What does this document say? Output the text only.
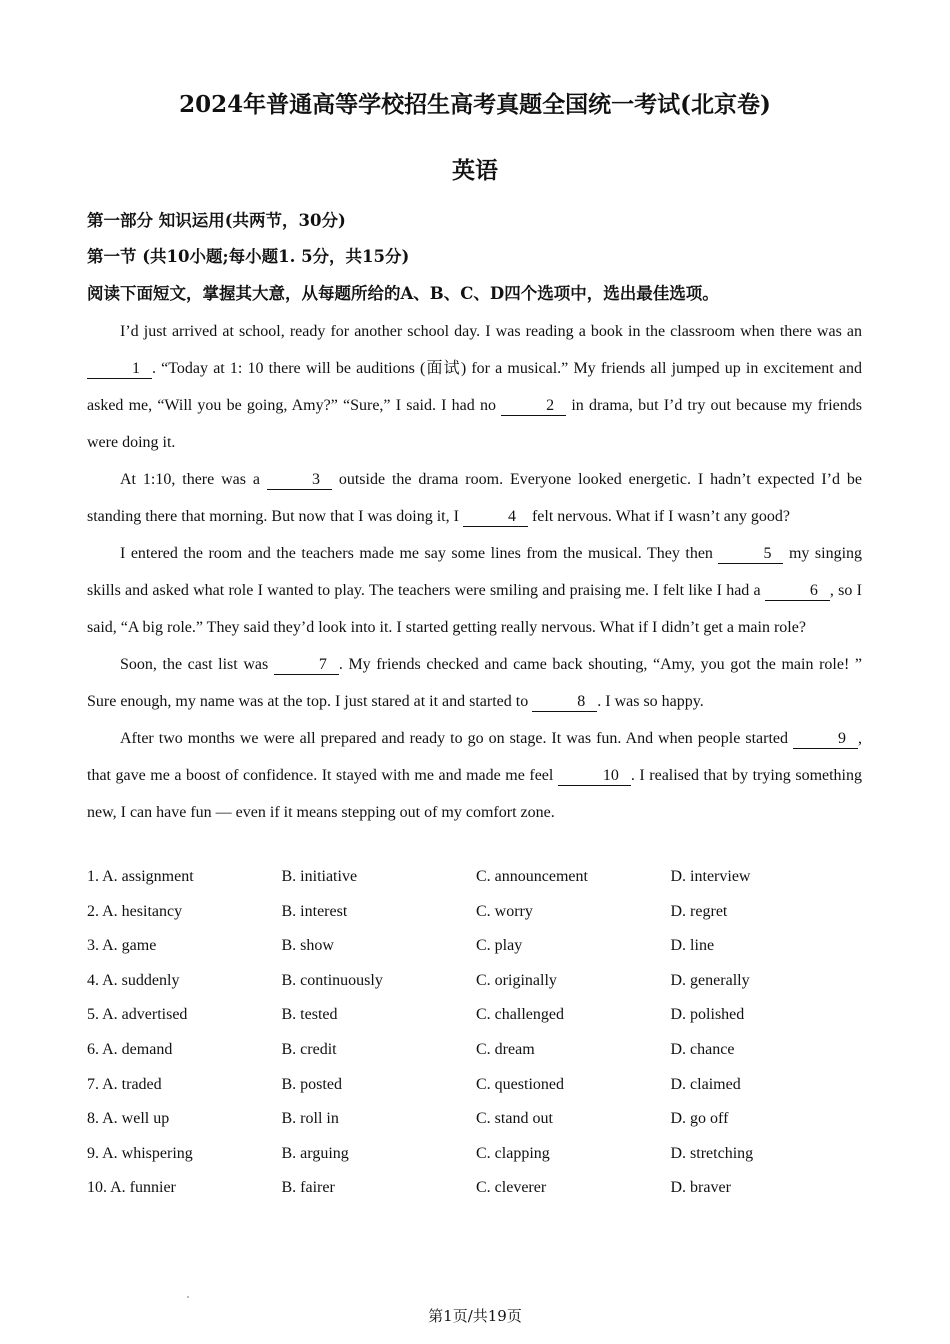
2024年普通高等学校招生高考真题全国统一考试(北京卷)
英语
第一部分 知识运用(共两节，30分)
第一节 (共10小题;每小题1. 5分，共15分)
阅读下面短文，掌握其大意，从每题所给的A、B、C、D四个选项中，选出最佳选项。

I’d just arrived at school, ready for another school day. I was reading a book in the classroom when there was an 1 . “Today at 1: 10 there will be auditions (面试) for a musical.” My friends all jumped up in excitement and asked me, “Will you be going, Amy?” “Sure,” I said. I had no	2 in drama, but I’d try out because my friends were doing it.

At 1:10, there was a	3 outside the drama room. Everyone looked energetic. I hadn’t expected I’d be standing there that morning. But now that I was doing it, I	4 felt nervous. What if I wasn’t any good?

I entered the room and the teachers made me say some lines from the musical. They then	5 my singing skills and asked what role I wanted to play. The teachers were smiling and praising me. I felt like I had a	6 , so I said, “A big role.” They said they’d look into it. I started getting really nervous. What if I didn’t get a main role?

Soon, the cast list was	7 . My friends checked and came back shouting, “Amy, you got the main role! ” Sure enough, my name was at the top. I just stared at it and started to	8 . I was so happy.

After two months we were all prepared and ready to go on stage. It was fun. And when people started	9 , that gave me a boost of confidence. It stayed with me and made me feel	10 . I realised that by trying something new, I can have fun — even if it means stepping out of my comfort zone.

1. A. assignment	B. initiative	C. announcement	D. interview
2. A. hesitancy	B. interest	C. worry	D. regret
3. A. game	B. show	C. play	D. line
4. A. suddenly	B. continuously	C. originally	D. generally
5. A. advertised	B. tested	C. challenged	D. polished
6. A. demand	B. credit	C. dream	D. chance
7. A. traded	B. posted	C. questioned	D. claimed
8. A. well up	B. roll in	C. stand out	D. go off
9. A. whispering	B. arguing	C. clapping	D. stretching
10. A. funnier	B. fairer	C. cleverer	D. braver
第1页/共19页
